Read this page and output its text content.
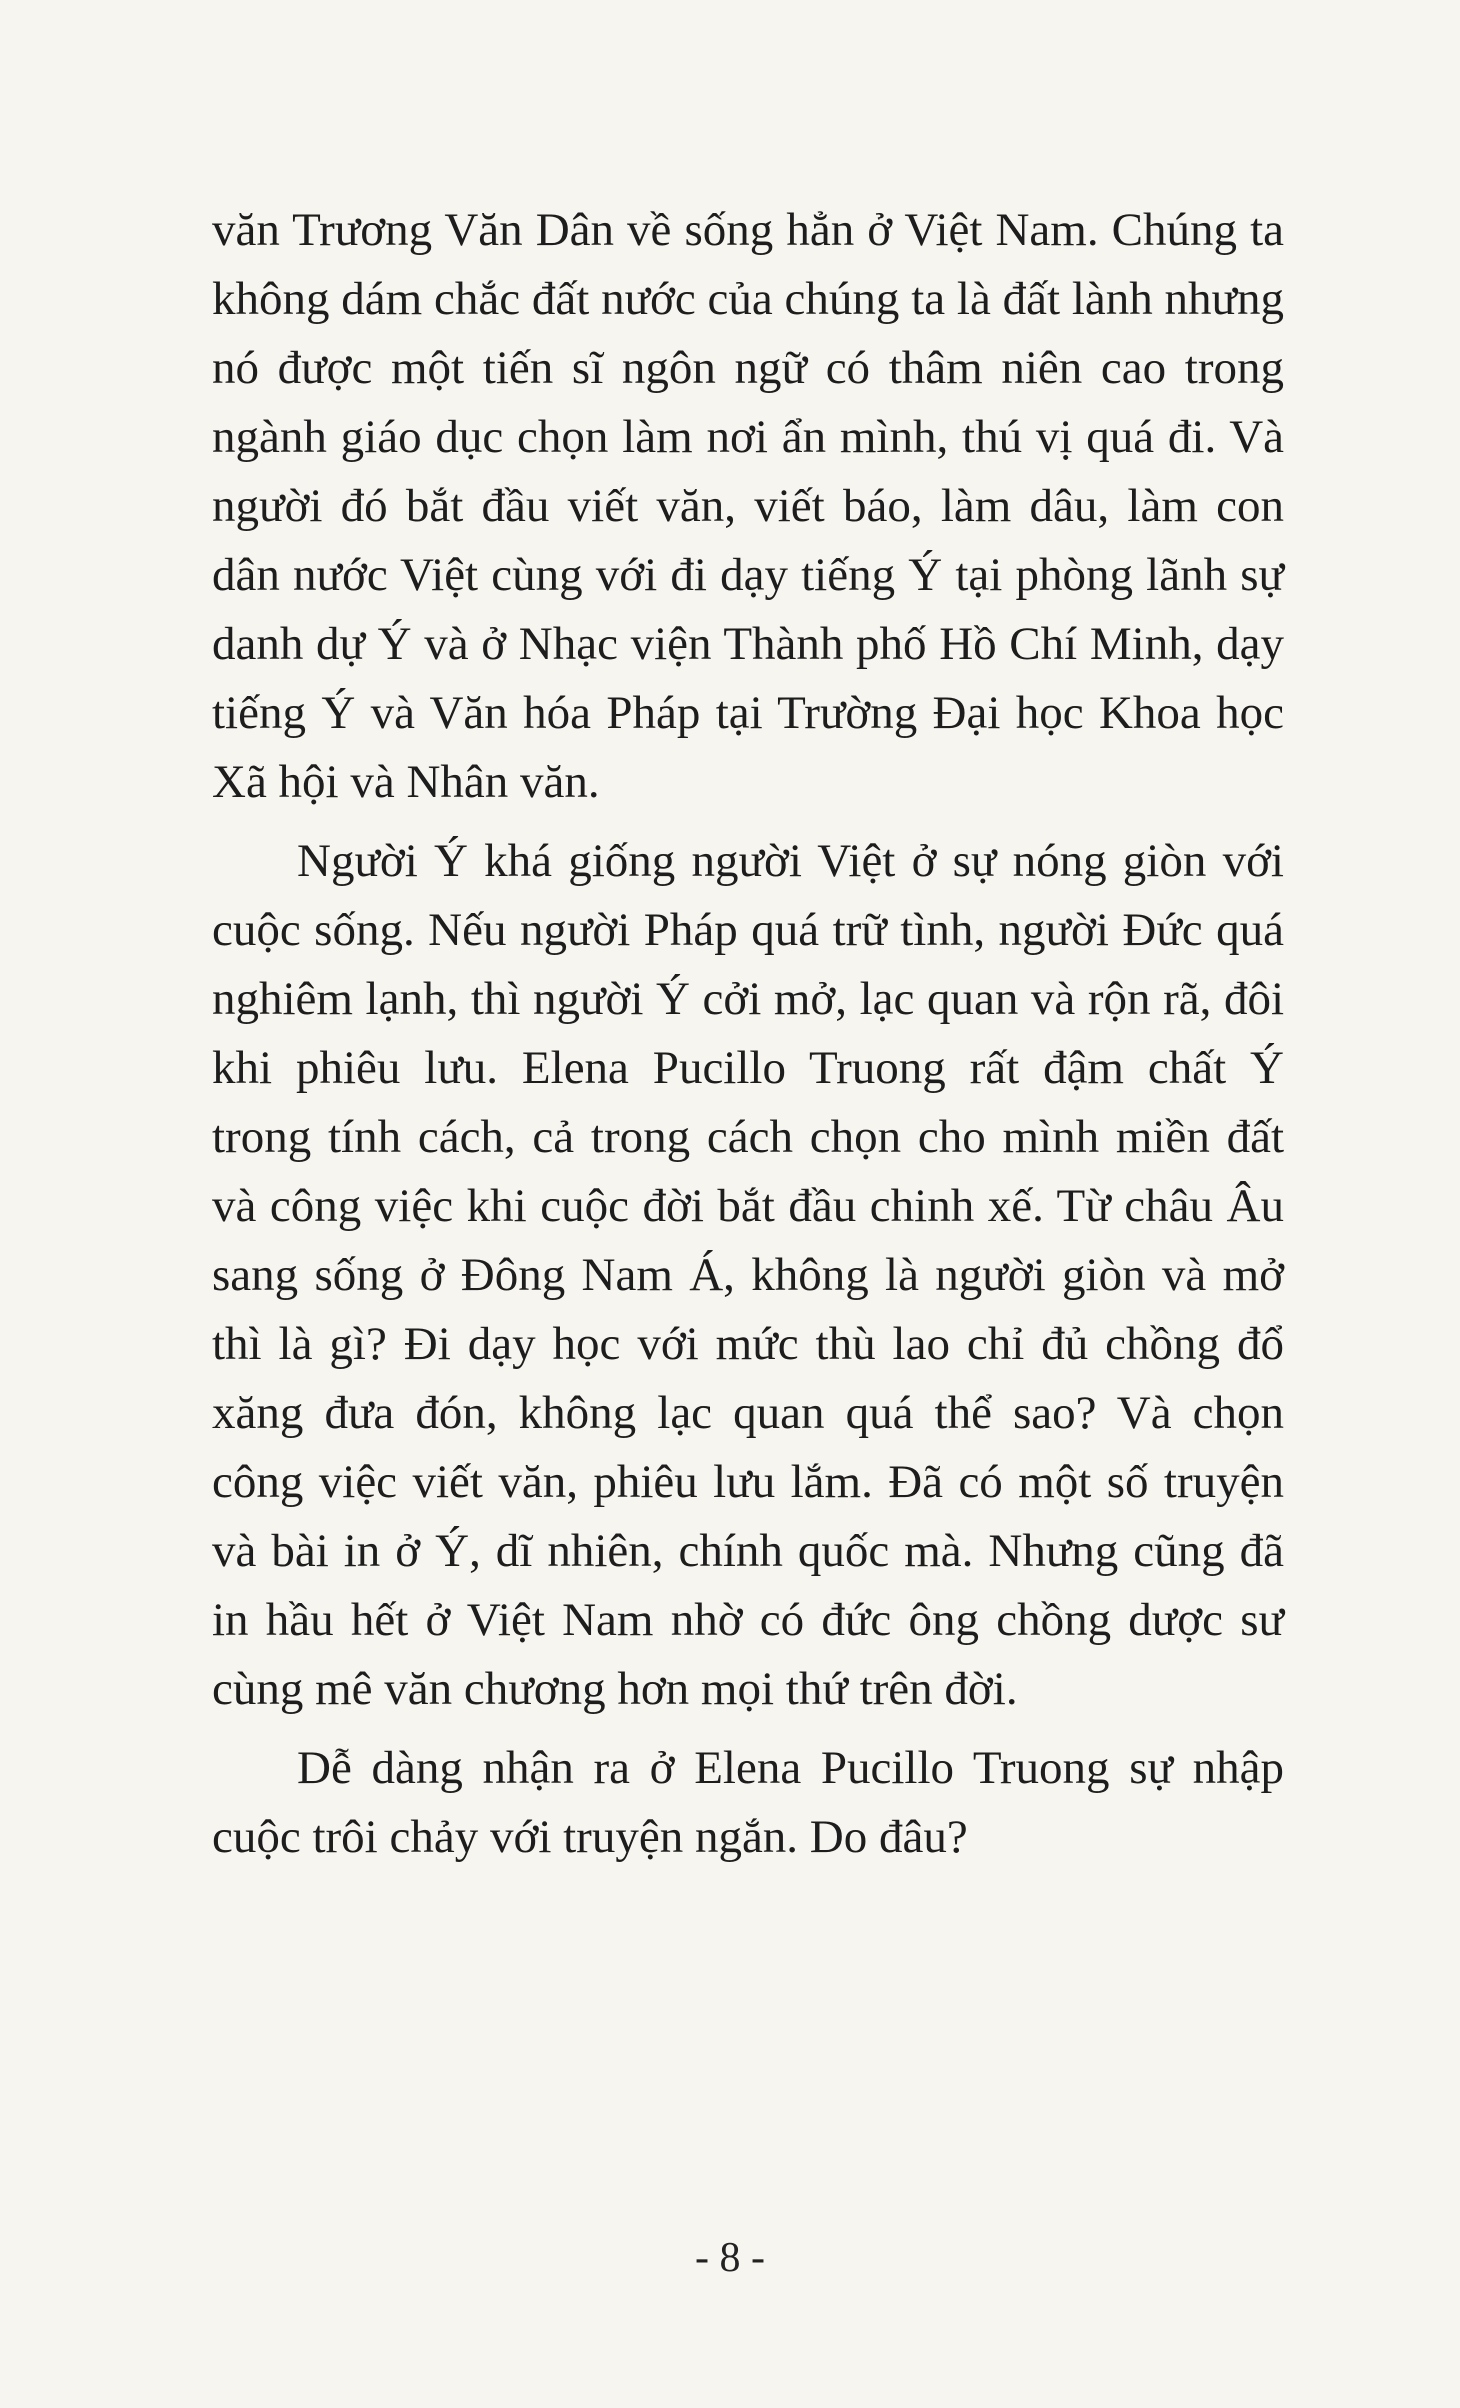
văn Trương Văn Dân về sống hẳn ở Việt Nam. Chúng ta không dám chắc đất nước của chúng ta là đất lành nhưng nó được một tiến sĩ ngôn ngữ có thâm niên cao trong ngành giáo dục chọn làm nơi ẩn mình, thú vị quá đi. Và người đó bắt đầu viết văn, viết báo, làm dâu, làm con dân nước Việt cùng với đi dạy tiếng Ý tại phòng lãnh sự danh dự Ý và ở Nhạc viện Thành phố Hồ Chí Minh, dạy tiếng Ý và Văn hóa Pháp tại Trường Đại học Khoa học Xã hội và Nhân văn.

Người Ý khá giống người Việt ở sự nóng giòn với cuộc sống. Nếu người Pháp quá trữ tình, người Đức quá nghiêm lạnh, thì người Ý cởi mở, lạc quan và rộn rã, đôi khi phiêu lưu. Elena Pucillo Truong rất đậm chất Ý trong tính cách, cả trong cách chọn cho mình miền đất và công việc khi cuộc đời bắt đầu chinh xế. Từ châu Âu sang sống ở Đông Nam Á, không là người giòn và mở thì là gì? Đi dạy học với mức thù lao chỉ đủ chồng đổ xăng đưa đón, không lạc quan quá thể sao? Và chọn công việc viết văn, phiêu lưu lắm. Đã có một số truyện và bài in ở Ý, dĩ nhiên, chính quốc mà. Nhưng cũng đã in hầu hết ở Việt Nam nhờ có đức ông chồng dược sư cùng mê văn chương hơn mọi thứ trên đời.

Dễ dàng nhận ra ở Elena Pucillo Truong sự nhập cuộc trôi chảy với truyện ngắn. Do đâu?

- 8 -
